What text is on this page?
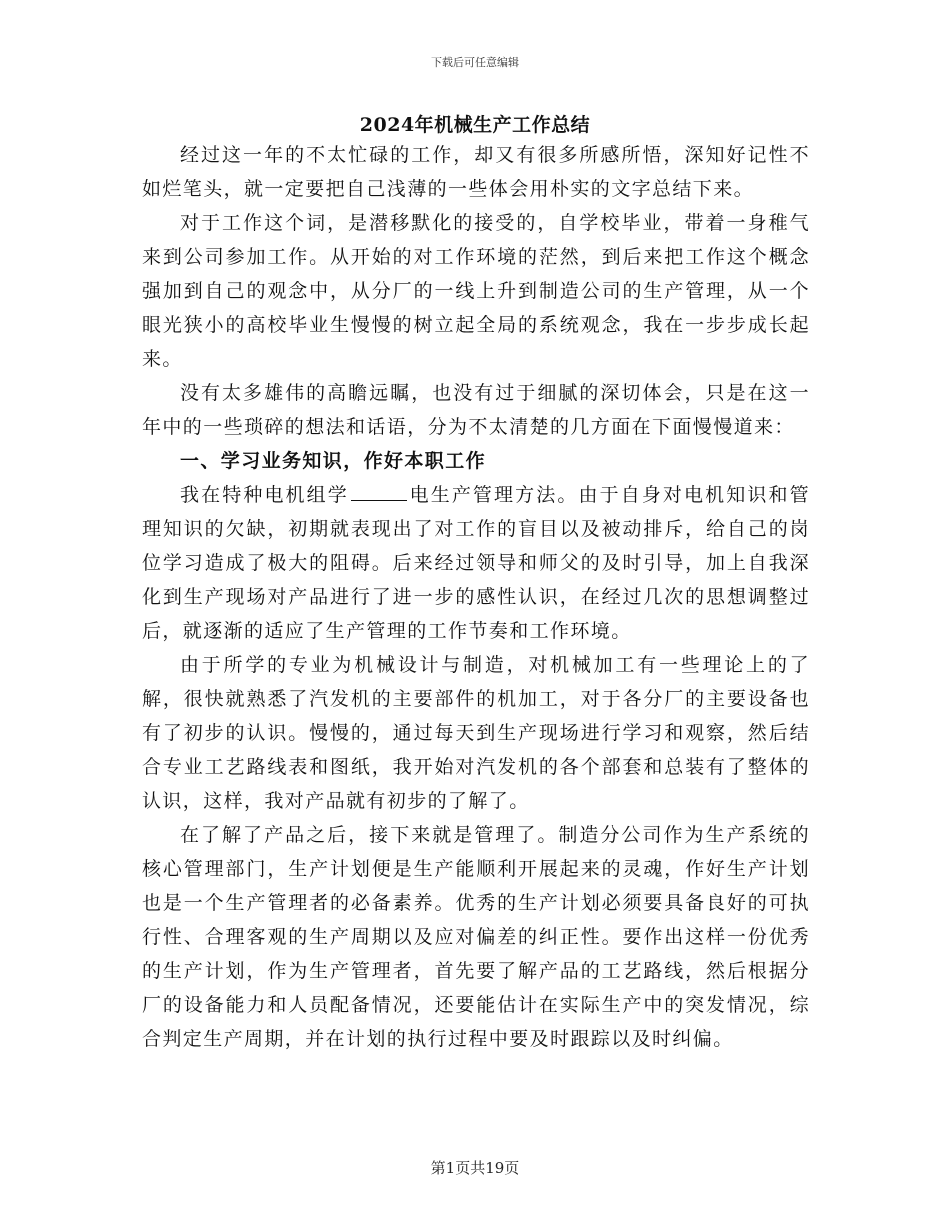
下载后可任意编辑
2024年机械生产工作总结

经过这一年的不太忙碌的工作，却又有很多所感所悟，深知好记性不如烂笔头，就一定要把自己浅薄的一些体会用朴实的文字总结下来。

对于工作这个词，是潜移默化的接受的，自学校毕业，带着一身稚气来到公司参加工作。从开始的对工作环境的茫然，到后来把工作这个概念强加到自己的观念中，从分厂的一线上升到制造公司的生产管理，从一个眼光狭小的高校毕业生慢慢的树立起全局的系统观念，我在一步步成长起来。

没有太多雄伟的高瞻远瞩，也没有过于细腻的深切体会，只是在这一年中的一些琐碎的想法和话语，分为不太清楚的几方面在下面慢慢道来：

一、学习业务知识，作好本职工作

我在特种电机组学	电生产管理方法。由于自身对电机知识和管理知识的欠缺，初期就表现出了对工作的盲目以及被动排斥，给自己的岗位学习造成了极大的阻碍。后来经过领导和师父的及时引导，加上自我深化到生产现场对产品进行了进一步的感性认识，在经过几次的思想调整过后，就逐渐的适应了生产管理的工作节奏和工作环境。

由于所学的专业为机械设计与制造，对机械加工有一些理论上的了解，很快就熟悉了汽发机的主要部件的机加工，对于各分厂的主要设备也有了初步的认识。慢慢的，通过每天到生产现场进行学习和观察，然后结合专业工艺路线表和图纸，我开始对汽发机的各个部套和总装有了整体的认识，这样，我对产品就有初步的了解了。

在了解了产品之后，接下来就是管理了。制造分公司作为生产系统的核心管理部门，生产计划便是生产能顺利开展起来的灵魂，作好生产计划也是一个生产管理者的必备素养。优秀的生产计划必须要具备良好的可执行性、合理客观的生产周期以及应对偏差的纠正性。要作出这样一份优秀的生产计划，作为生产管理者，首先要了解产品的工艺路线，然后根据分厂的设备能力和人员配备情况，还要能估计在实际生产中的突发情况，综合判定生产周期，并在计划的执行过程中要及时跟踪以及时纠偏。

第1页共19页
